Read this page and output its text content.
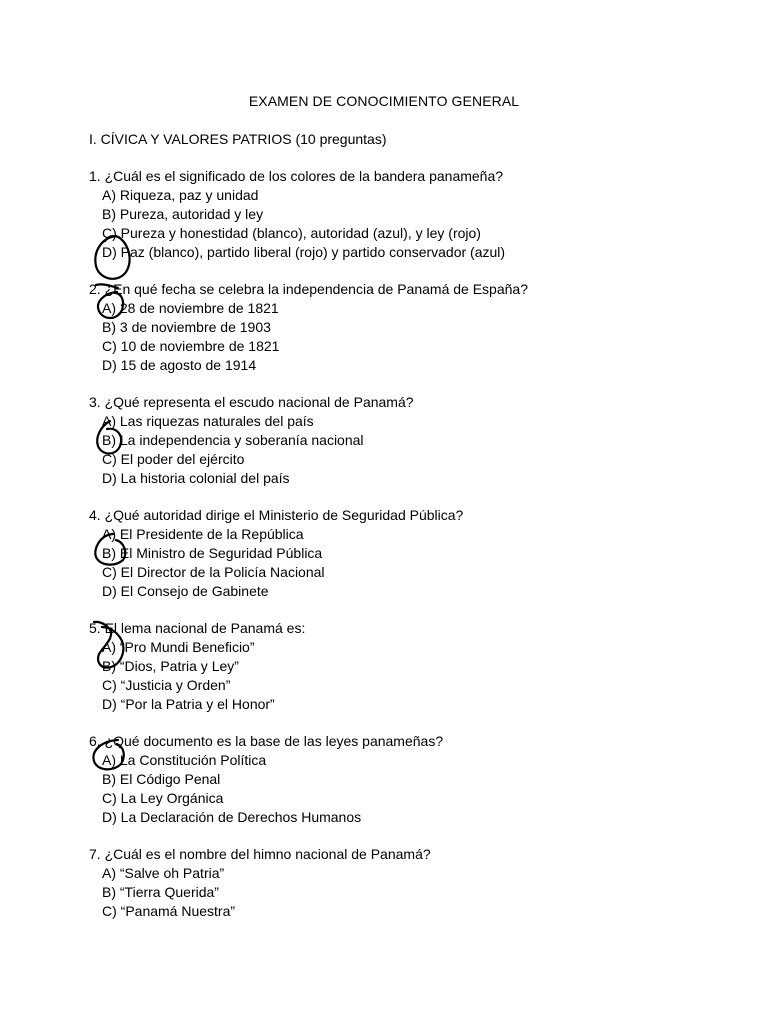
EXAMEN DE CONOCIMIENTO GENERAL
I. CÍVICA Y VALORES PATRIOS (10 preguntas)
1. ¿Cuál es el significado de los colores de la bandera panameña?
A) Riqueza, paz y unidad
B) Pureza, autoridad y ley
C) Pureza y honestidad (blanco), autoridad (azul), y ley (rojo)
D) Paz (blanco), partido liberal (rojo) y partido conservador (azul)
2. ¿En qué fecha se celebra la independencia de Panamá de España?
A) 28 de noviembre de 1821
B) 3 de noviembre de 1903
C) 10 de noviembre de 1821
D) 15 de agosto de 1914
3. ¿Qué representa el escudo nacional de Panamá?
A) Las riquezas naturales del país
B) La independencia y soberanía nacional
C) El poder del ejército
D) La historia colonial del país
4. ¿Qué autoridad dirige el Ministerio de Seguridad Pública?
A) El Presidente de la República
B) El Ministro de Seguridad Pública
C) El Director de la Policía Nacional
D) El Consejo de Gabinete
5. El lema nacional de Panamá es:
A) “Pro Mundi Beneficio”
B) “Dios, Patria y Ley”
C) “Justicia y Orden”
D) “Por la Patria y el Honor”
6. ¿Qué documento es la base de las leyes panameñas?
A) La Constitución Política
B) El Código Penal
C) La Ley Orgánica
D) La Declaración de Derechos Humanos
7. ¿Cuál es el nombre del himno nacional de Panamá?
A) “Salve oh Patria”
B) “Tierra Querida”
C) “Panamá Nuestra”
